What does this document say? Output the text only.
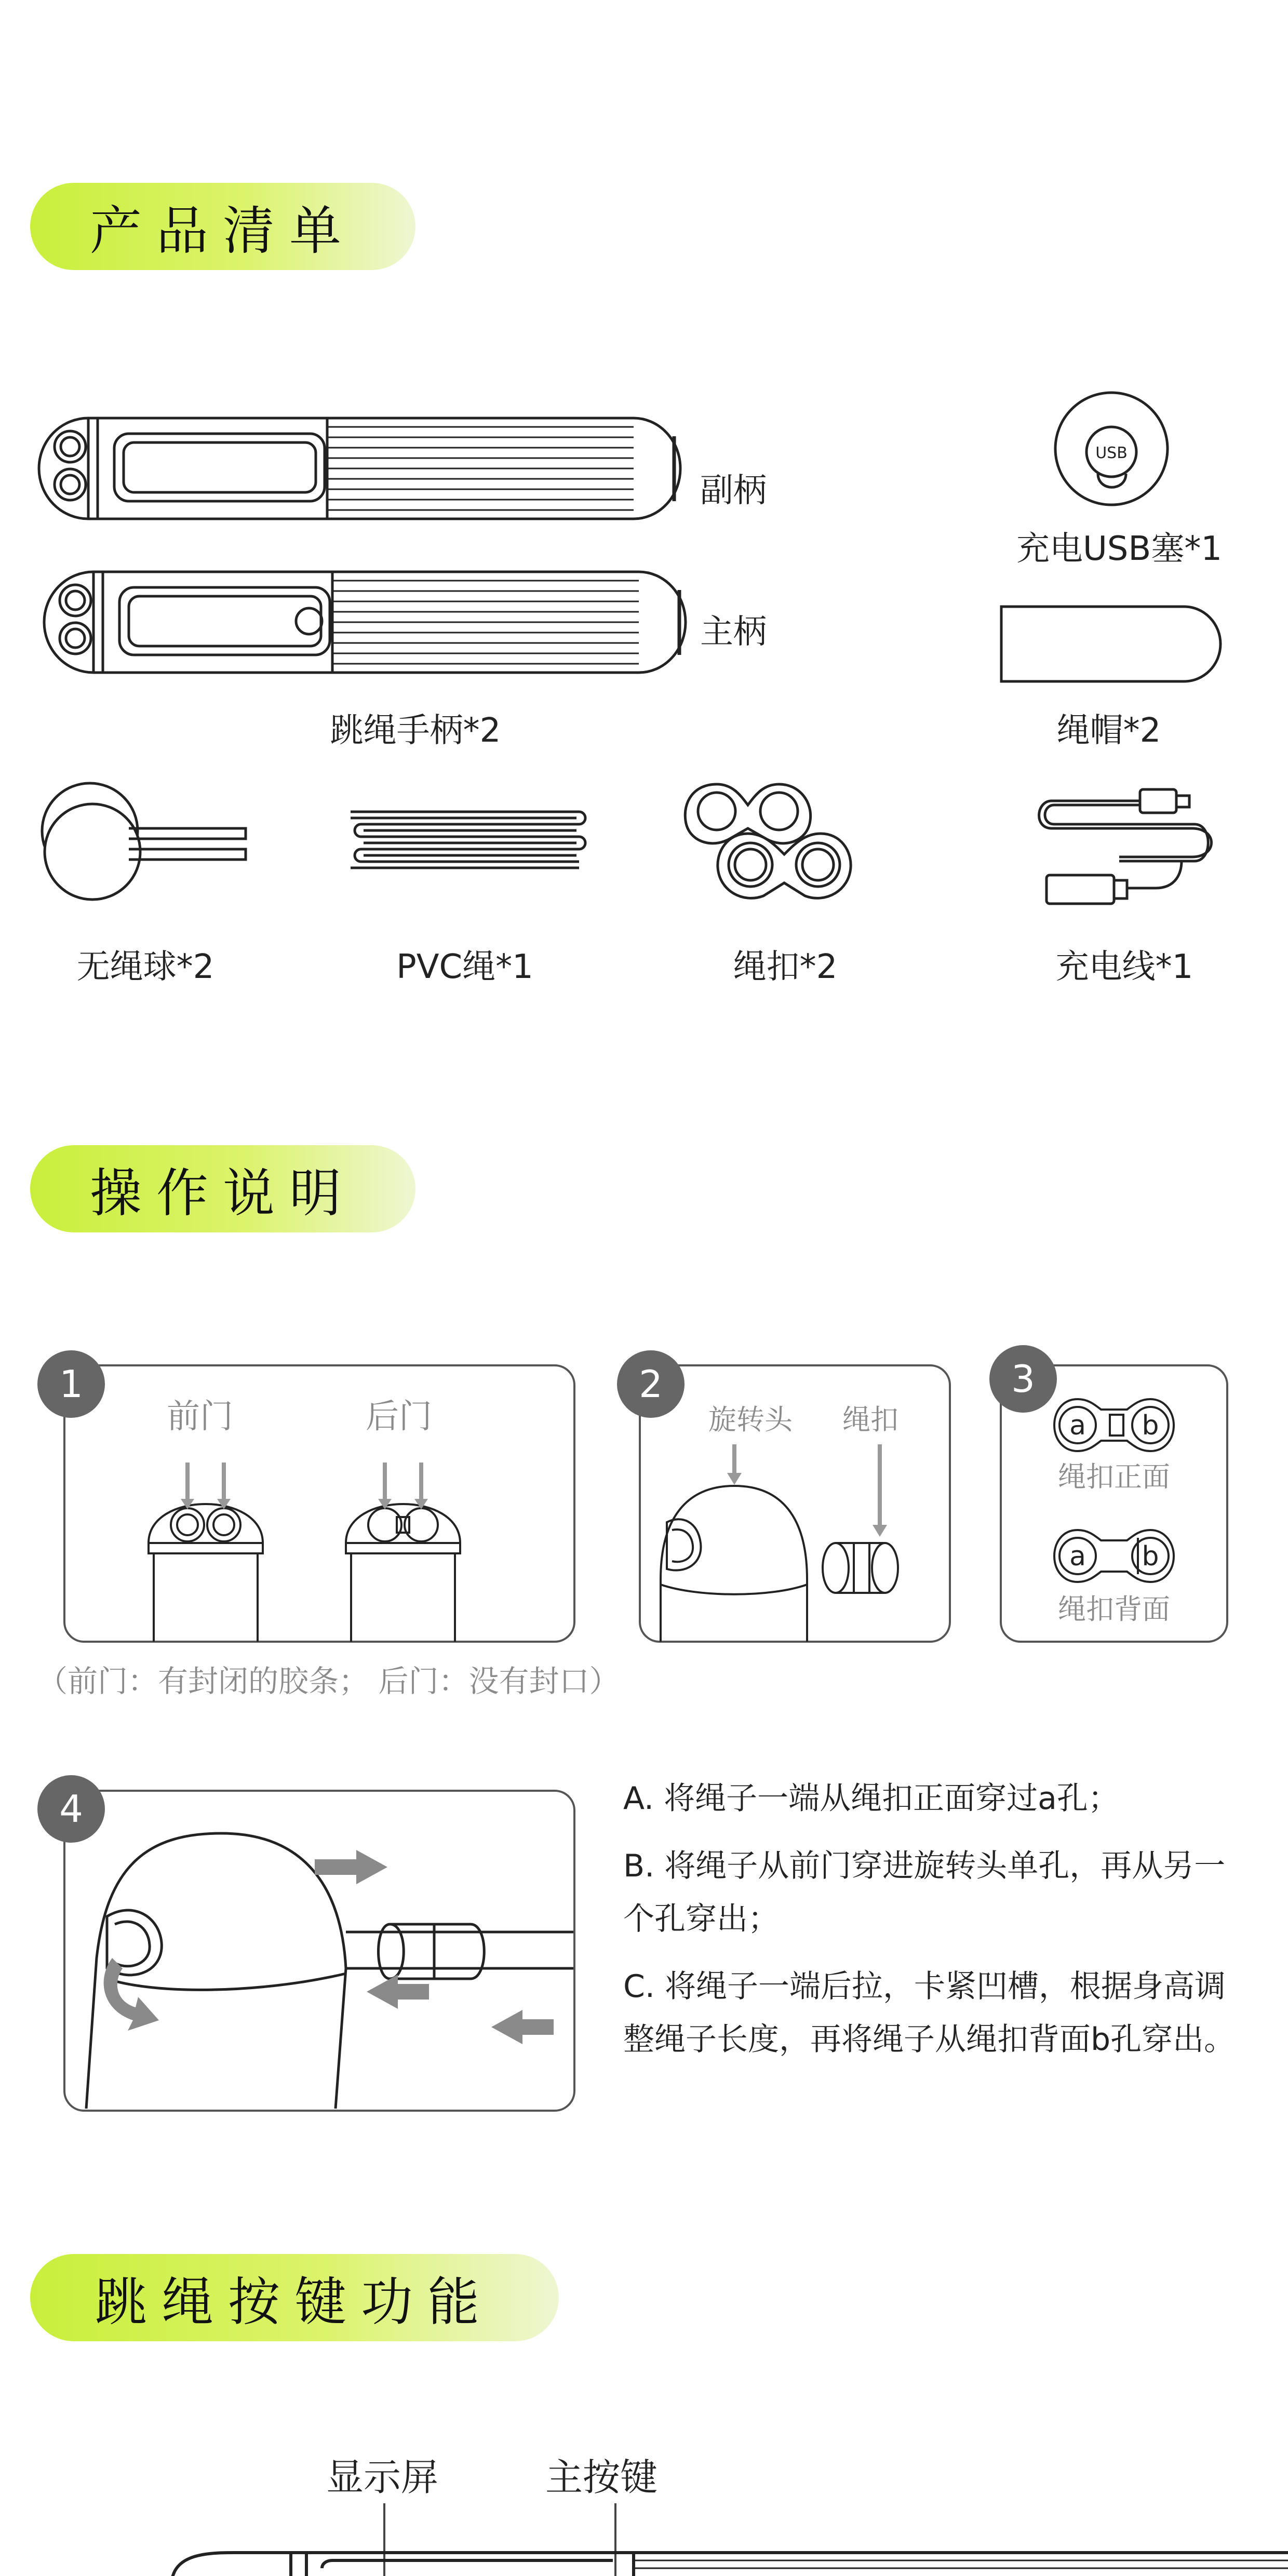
产品清单
副柄
主柄
跳绳手柄*2
USB
充电USB塞*1
绳帽*2
无绳球*2	PVC绳*1	绳扣*2	充电线*1
操作说明
前门	后门
1
（前门：有封闭的胶条； 后门：没有封口）
旋转头 绳扣
2
a b
绳扣正面
a b
绳扣背面
3
4	A. 将绳子一端从绳扣正面穿过a孔；

B. 将绳子从前门穿进旋转头单孔，再从另一个孔穿出；

C. 将绳子一端后拉，卡紧凹槽，根据身高调整绳子长度，再将绳子从绳扣背面b孔穿出。

跳绳按键功能
显示屏	主按键
